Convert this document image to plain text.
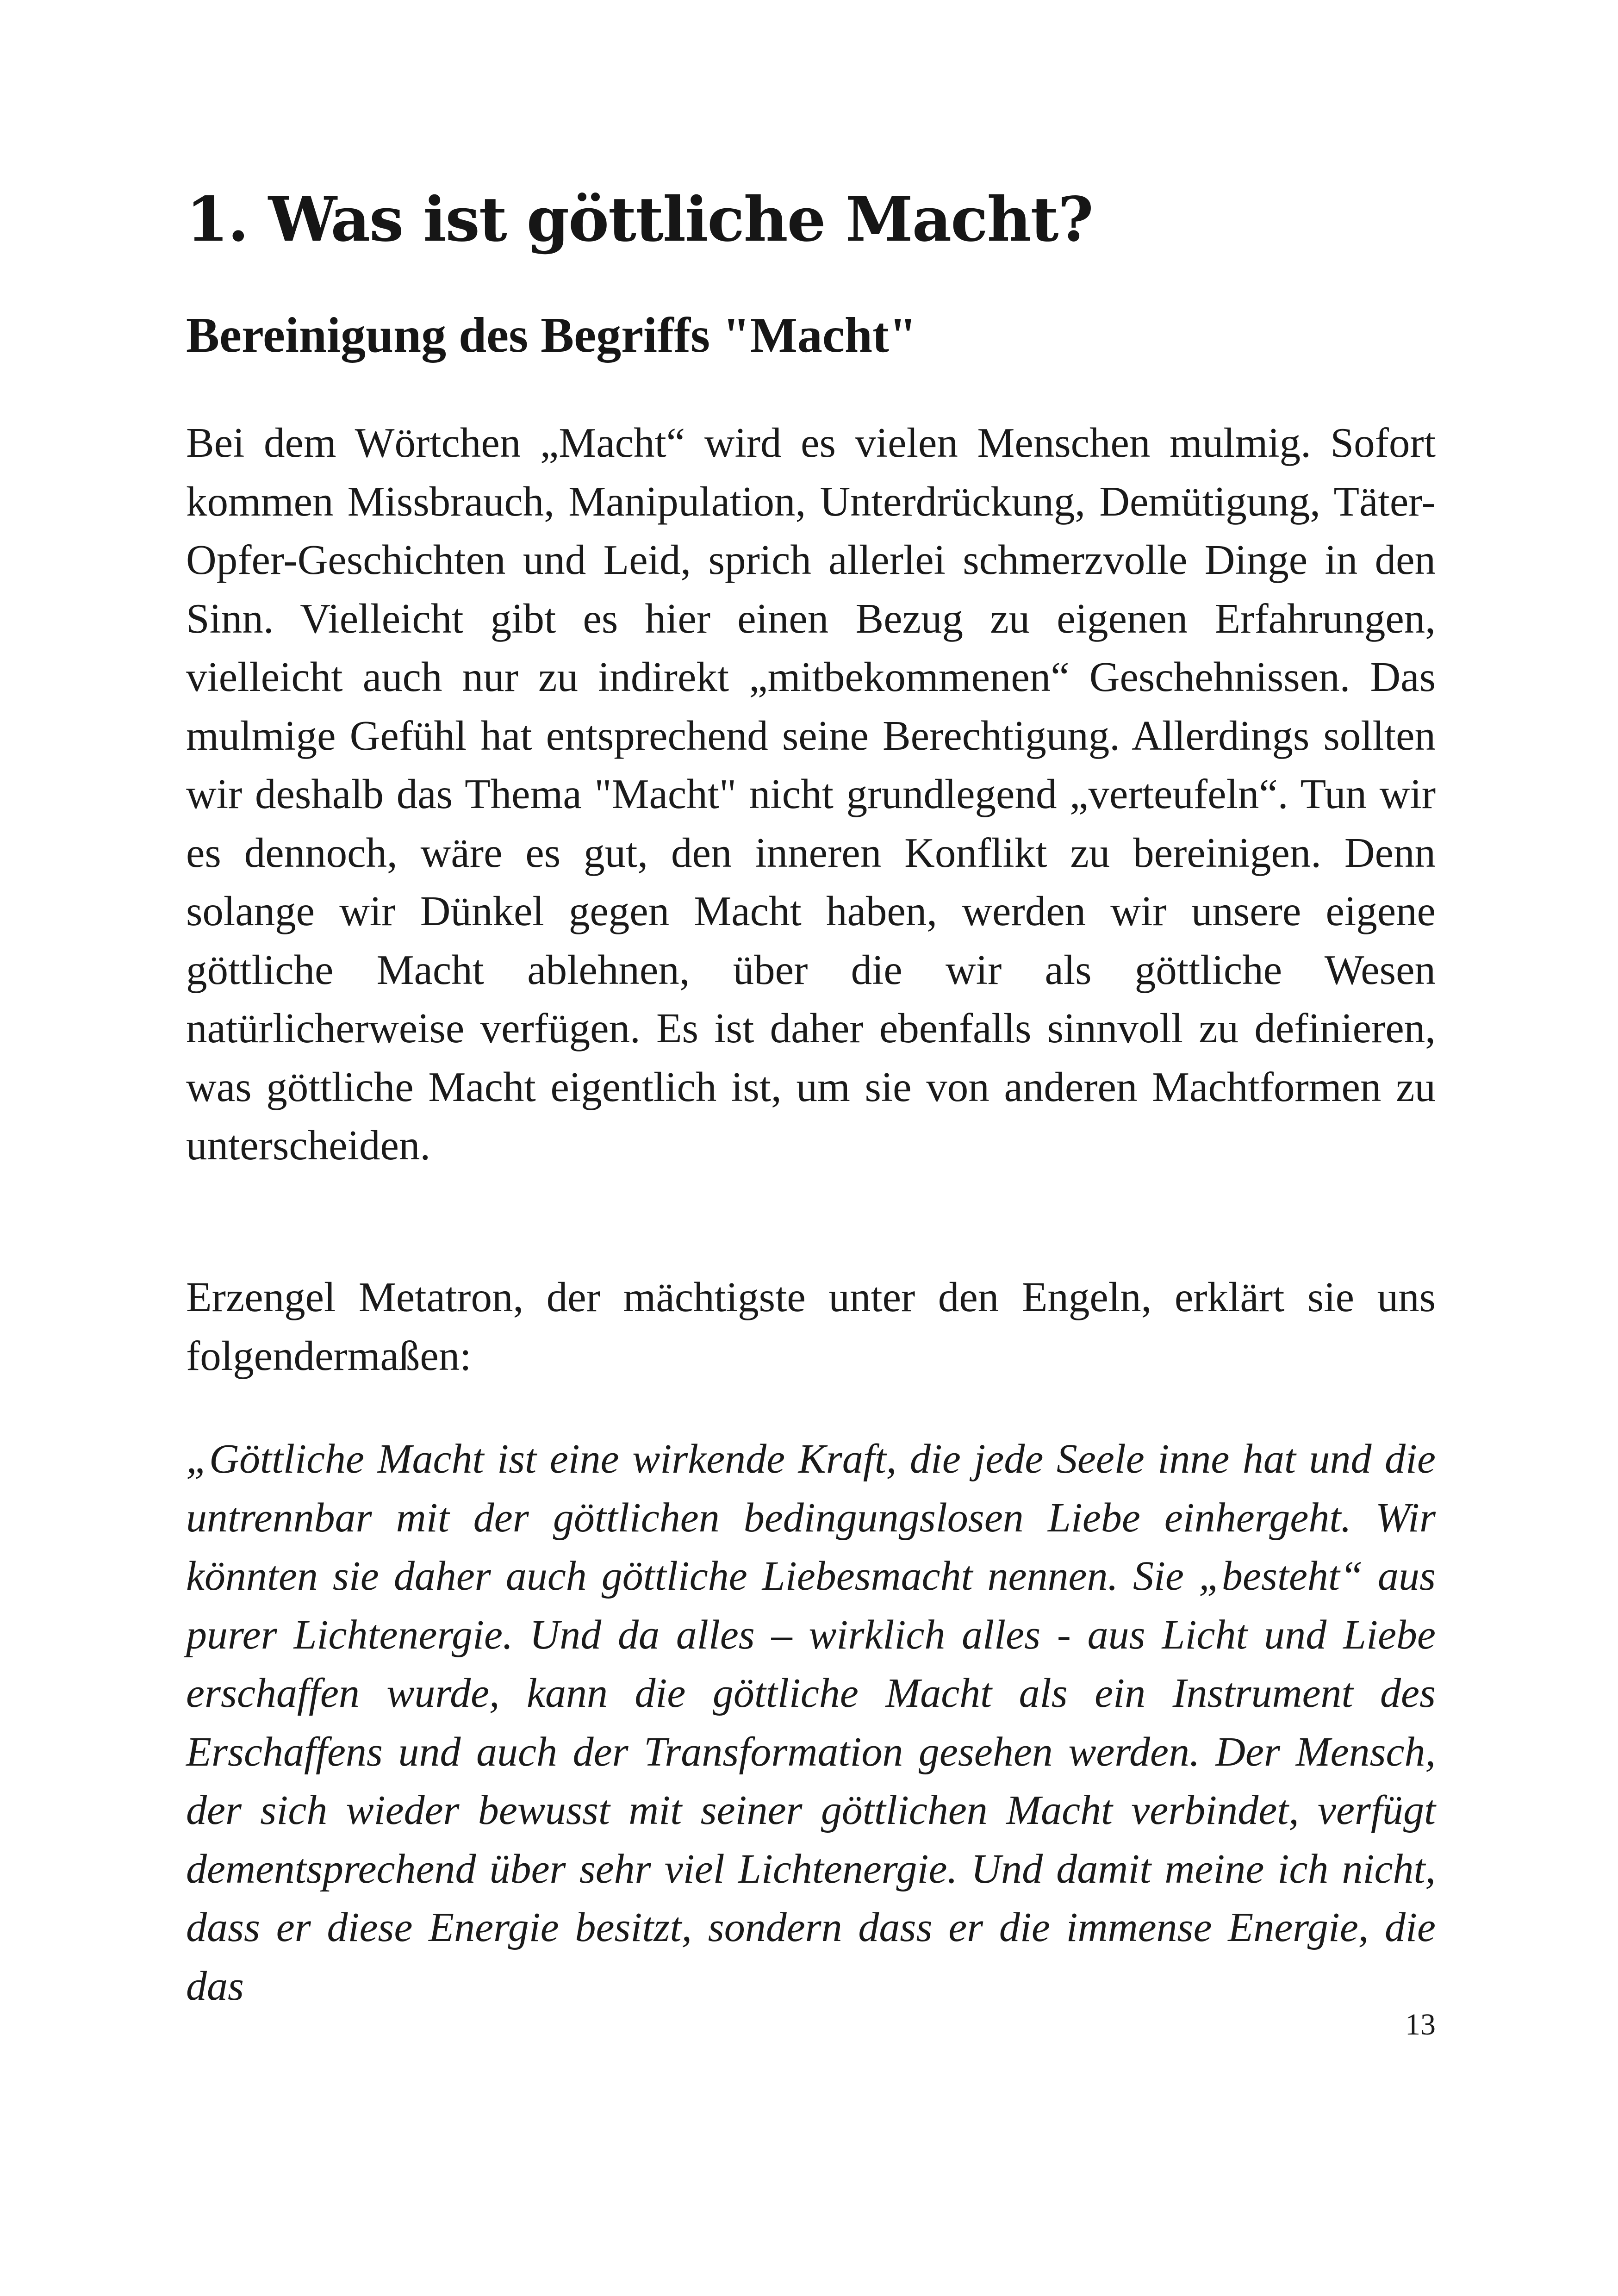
1. Was ist göttliche Macht?
Bereinigung des Begriffs "Macht"

Bei dem Wörtchen „Macht“ wird es vielen Menschen mulmig. Sofort kommen Missbrauch, Manipulation, Unterdrückung, Demütigung, Täter-Opfer-Geschichten und Leid, sprich allerlei schmerzvolle Dinge in den Sinn. Vielleicht gibt es hier einen Bezug zu eigenen Erfahrungen, vielleicht auch nur zu indirekt „mitbekommenen“ Geschehnissen. Das mulmige Gefühl hat entsprechend seine Berechtigung. Allerdings sollten wir deshalb das Thema "Macht" nicht grundlegend „verteufeln“. Tun wir es dennoch, wäre es gut, den inneren Konflikt zu bereinigen. Denn solange wir Dünkel gegen Macht haben, werden wir unsere eigene göttliche Macht ablehnen, über die wir als göttliche Wesen natürlicherweise verfügen. Es ist daher ebenfalls sinnvoll zu definieren, was göttliche Macht eigentlich ist, um sie von anderen Machtformen zu unterscheiden.

Erzengel Metatron, der mächtigste unter den Engeln, erklärt sie uns folgendermaßen:

„Göttliche Macht ist eine wirkende Kraft, die jede Seele inne hat und die untrennbar mit der göttlichen bedingungslosen Liebe einhergeht. Wir könnten sie daher auch göttliche Liebesmacht nennen. Sie „besteht“ aus purer Lichtenergie. Und da alles – wirklich alles - aus Licht und Liebe erschaffen wurde, kann die göttliche Macht als ein Instrument des Erschaffens und auch der Transformation gesehen werden. Der Mensch, der sich wieder bewusst mit seiner göttlichen Macht verbindet, verfügt dementsprechend über sehr viel Lichtenergie. Und damit meine ich nicht, dass er diese Energie besitzt, sondern dass er die immense Energie, die das

13
